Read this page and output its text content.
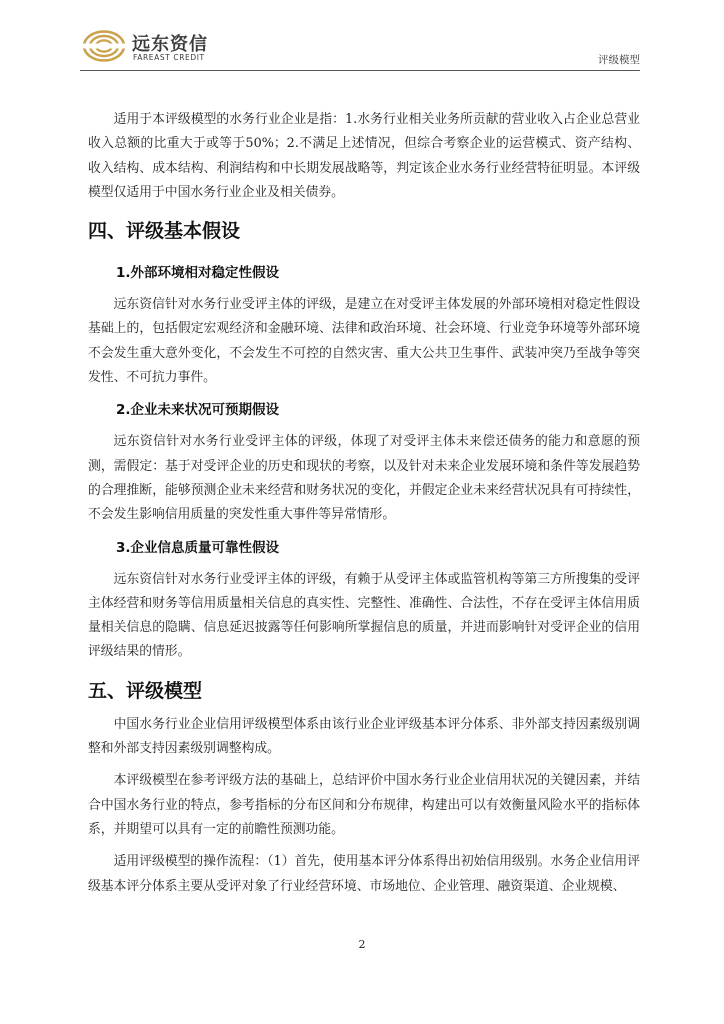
远东资信
FAREAST CREDIT	评级模型

适用于本评级模型的水务行业企业是指：1.水务行业相关业务所贡献的营业收入占企业总营业收入总额的比重大于或等于50%；2.不满足上述情况，但综合考察企业的运营模式、资产结构、收入结构、成本结构、利润结构和中长期发展战略等，判定该企业水务行业经营特征明显。本评级模型仅适用于中国水务行业企业及相关债券。

四、评级基本假设
1.外部环境相对稳定性假设

远东资信针对水务行业受评主体的评级，是建立在对受评主体发展的外部环境相对稳定性假设基础上的，包括假定宏观经济和金融环境、法律和政治环境、社会环境、行业竞争环境等外部环境不会发生重大意外变化，不会发生不可控的自然灾害、重大公共卫生事件、武装冲突乃至战争等突发性、不可抗力事件。

2.企业未来状况可预期假设

远东资信针对水务行业受评主体的评级，体现了对受评主体未来偿还债务的能力和意愿的预测，需假定：基于对受评企业的历史和现状的考察，以及针对未来企业发展环境和条件等发展趋势的合理推断，能够预测企业未来经营和财务状况的变化，并假定企业未来经营状况具有可持续性，不会发生影响信用质量的突发性重大事件等异常情形。

3.企业信息质量可靠性假设

远东资信针对水务行业受评主体的评级，有赖于从受评主体或监管机构等第三方所搜集的受评主体经营和财务等信用质量相关信息的真实性、完整性、准确性、合法性，不存在受评主体信用质量相关信息的隐瞒、信息延迟披露等任何影响所掌握信息的质量，并进而影响针对受评企业的信用评级结果的情形。

五、评级模型

中国水务行业企业信用评级模型体系由该行业企业评级基本评分体系、非外部支持因素级别调整和外部支持因素级别调整构成。

本评级模型在参考评级方法的基础上，总结评价中国水务行业企业信用状况的关键因素，并结合中国水务行业的特点，参考指标的分布区间和分布规律，构建出可以有效衡量风险水平的指标体系，并期望可以具有一定的前瞻性预测功能。

适用评级模型的操作流程：（1）首先，使用基本评分体系得出初始信用级别。水务企业信用评级基本评分体系主要从受评对象了行业经营环境、市场地位、企业管理、融资渠道、企业规模、

2
